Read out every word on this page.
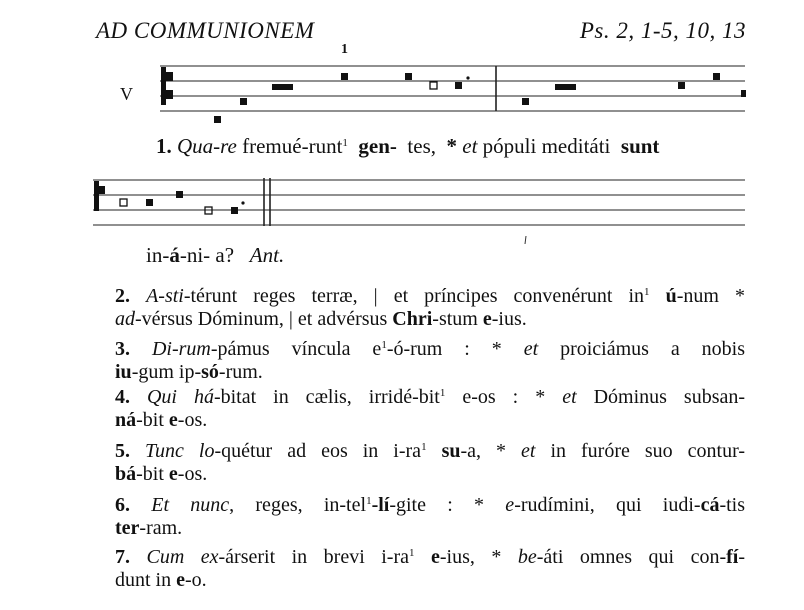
AD COMMUNIONEM	Ps. 2, 1-5, 10, 13
1
V
1. Qua-re fremué-runt$^1$ gen- tes, * et pópuli meditáti sunt
in-á-ni- a? Ant.
2. A-sti-térunt reges terræ, | et príncipes convenérunt $in^1$ ú-num *
ad-vérsus Dóminum, | et advérsus Chri-stum e-ius.
3. Di-rum-pámus víncula $e^1-ó$-rum : * et proiciámus a nobis
iu-gum ip-só-rum.
4. Qui há-bitat in cælis, irridé-bit$^1$ e-os : * et Dóminus subsan-
ná-bit e-os.
5. Tunc lo-quétur ad eos in $i-ra^1$ su-a, * et in furóre suo contur-
bá-bit e-os.
6. Et nunc, reges, in-tel$^1$-lí-gite : * e-rudímini, qui iudi-cá-tis
ter-ram.
7. Cum ex-árserit in brevi $i-ra^1$ e-ius, * be-áti omnes qui con-fí-
dunt in e-o.
